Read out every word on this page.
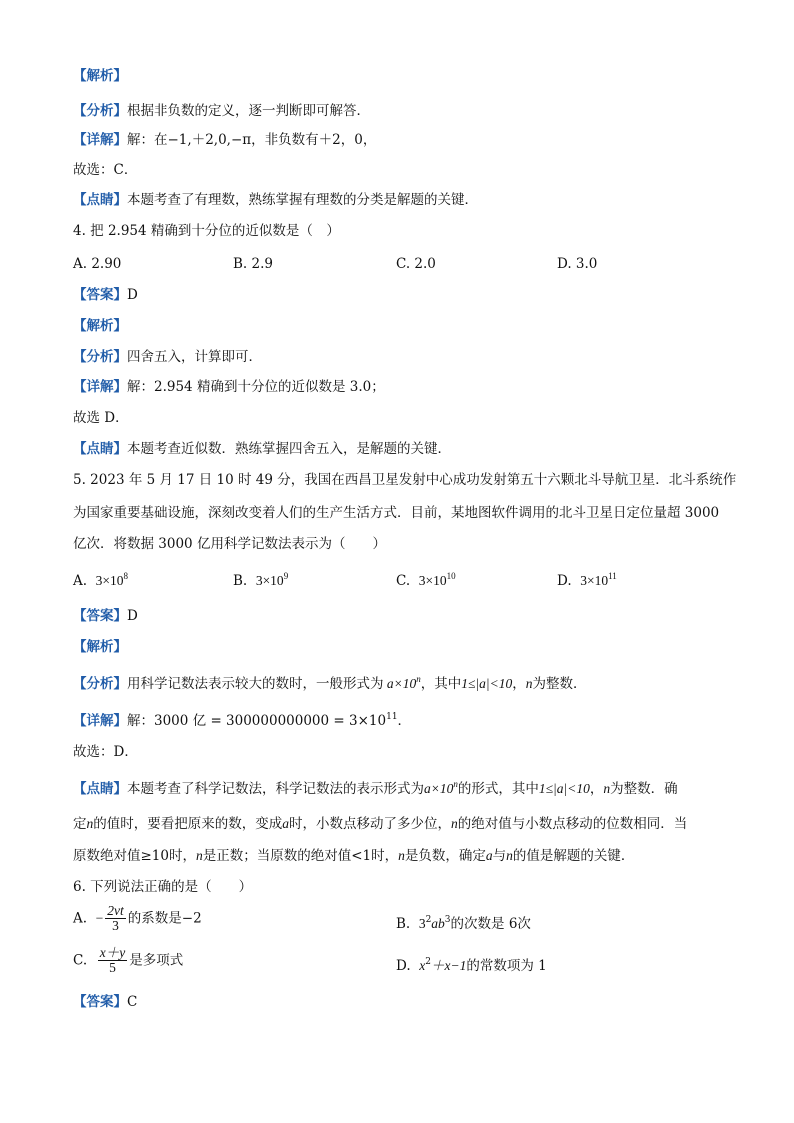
【解析】
【分析】根据非负数的定义，逐一判断即可解答．
【详解】解：在−1,＋2,0,−π，非负数有＋2，0，
故选：C．
【点睛】本题考查了有理数，熟练掌握有理数的分类是解题的关键．
4. 把 2.954 精确到十分位的近似数是（　）
A. 2.90	B. 2.9	C. 2.0	D. 3.0
【答案】D
【解析】
【分析】四舍五入，计算即可．
【详解】解：2.954 精确到十分位的近似数是 3.0；
故选 D．
【点睛】本题考查近似数．熟练掌握四舍五入，是解题的关键．
5. 2023 年 5 月 17 日 10 时 49 分，我国在西昌卫星发射中心成功发射第五十六颗北斗导航卫星．北斗系统作
为国家重要基础设施，深刻改变着人们的生产生活方式．目前，某地图软件调用的北斗卫星日定位量超 3000
亿次．将数据 3000 亿用科学记数法表示为（　　）
A. $3\times 10^8$	B. $3\times 10^9$	C. $3\times 10^{10}$	D. $3\times 10^{11}$
【答案】D
【解析】
【分析】用科学记数法表示较大的数时，一般形式为 $a\times 10^n$，其中1≤|a|<10，n为整数．
【详解】解：3000 亿 = $300000000000 = 3\times 10^{11}$．
故选：D．
【点睛】本题考查了科学记数法，科学记数法的表示形式为$a\times 10^n$的形式，其中1≤|a|<10，n为整数．确
定n的值时，要看把原来的数，变成a时，小数点移动了多少位，n的绝对值与小数点移动的位数相同．当
原数绝对值≥10时，n是正数；当原数的绝对值<1时，n是负数，确定a与n的值是解题的关键．
6. 下列说法正确的是（　　）
A. − $\frac{2vt}{3}$ 的系数是−2	B. $3^2ab^3$的次数是 6次
C. $\frac{x+y}{5}$ 是多项式	D. $x^2+x-1$的常数项为 1
【答案】C
